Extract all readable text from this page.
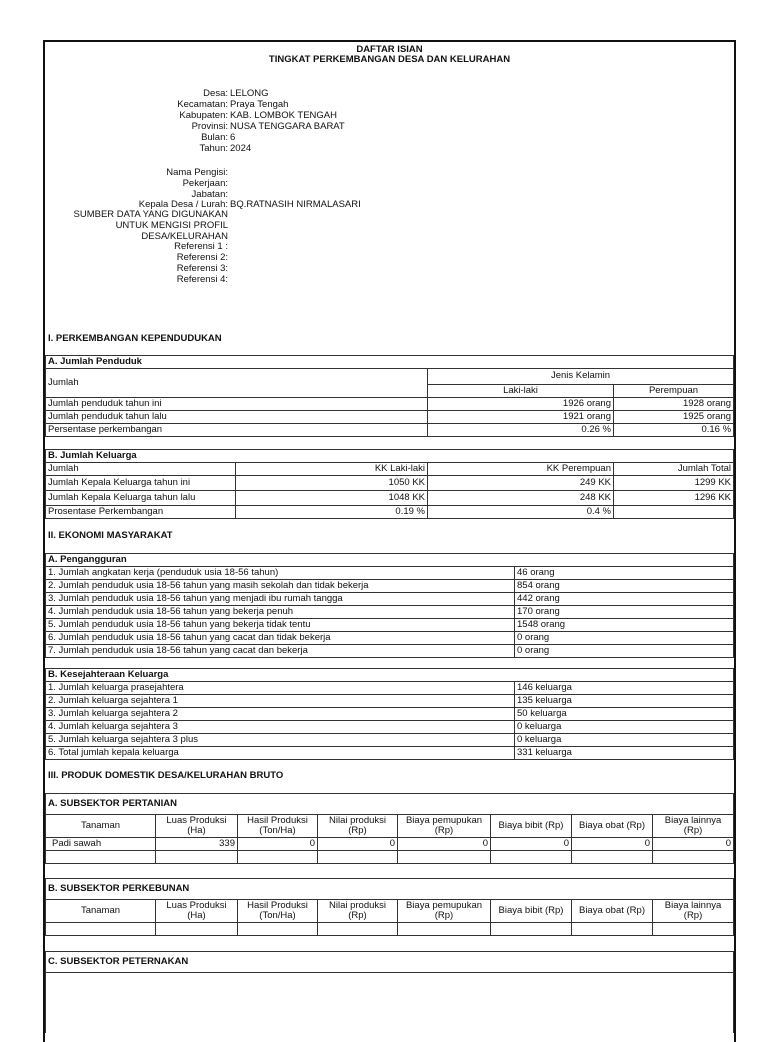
DAFTAR ISIAN
TINGKAT PERKEMBANGAN DESA DAN KELURAHAN
Desa: LELONG
Kecamatan: Praya Tengah
Kabupaten: KAB. LOMBOK TENGAH
Provinsi: NUSA TENGGARA BARAT
Bulan: 6
Tahun: 2024
Nama Pengisi:
Pekerjaan:
Jabatan:
Kepala Desa / Lurah: BQ.RATNASIH NIRMALASARI
SUMBER DATA YANG DIGUNAKAN
UNTUK MENGISI PROFIL
DESA/KELURAHAN
Referensi 1 :
Referensi 2:
Referensi 3:
Referensi 4:
I. PERKEMBANGAN KEPENDUDUKAN
A. Jumlah Penduduk		
Jumlah	Jenis Kelamin	
	Laki-laki	Perempuan
Jumlah penduduk tahun ini	1926 orang	1928 orang
Jumlah penduduk tahun lalu	1921 orang	1925 orang
Persentase perkembangan	0.26 %	0.16 %
B. Jumlah Keluarga			
Jumlah	KK Laki-laki	KK Perempuan	Jumlah Total
Jumlah Kepala Keluarga tahun ini	1050 KK	249 KK	1299 KK
Jumlah Kepala Keluarga tahun lalu	1048 KK	248 KK	1296 KK
Prosentase Perkembangan	0.19 %	0.4 %	
II. EKONOMI MASYARAKAT
A. Pengangguran	
1. Jumlah angkatan kerja (penduduk usia 18-56 tahun)	46 orang
2. Jumlah penduduk usia 18-56 tahun yang masih sekolah dan tidak bekerja	854 orang
3. Jumlah penduduk usia 18-56 tahun yang menjadi ibu rumah tangga	442 orang
4. Jumlah penduduk usia 18-56 tahun yang bekerja penuh	170 orang
5. Jumlah penduduk usia 18-56 tahun yang bekerja tidak tentu	1548 orang
6. Jumlah penduduk usia 18-56 tahun yang cacat dan tidak bekerja	0 orang
7. Jumlah penduduk usia 18-56 tahun yang cacat dan bekerja	0 orang
B. Kesejahteraan Keluarga	
1. Jumlah keluarga prasejahtera	146 keluarga
2. Jumlah keluarga sejahtera 1	135 keluarga
3. Jumlah keluarga sejahtera 2	50 keluarga
4. Jumlah keluarga sejahtera 3	0 keluarga
5. Jumlah keluarga sejahtera 3 plus	0 keluarga
6. Total jumlah kepala keluarga	331 keluarga
III. PRODUK DOMESTIK DESA/KELURAHAN BRUTO
A. SUBSEKTOR PERTANIAN							
Tanaman	Luas Produksi (Ha)	Hasil Produksi (Ton/Ha)	Nilai produksi (Rp)	Biaya pemupukan (Rp)	Biaya bibit (Rp)	Biaya obat (Rp)	Biaya lainnya (Rp)
Padi sawah	339	0	0	0	0	0	0

B. SUBSEKTOR PERKEBUNAN							
Tanaman	Luas Produksi (Ha)	Hasil Produksi (Ton/Ha)	Nilai produksi (Rp)	Biaya pemupukan (Rp)	Biaya bibit (Rp)	Biaya obat (Rp)	Biaya lainnya (Rp)

C. SUBSEKTOR PETERNAKAN
